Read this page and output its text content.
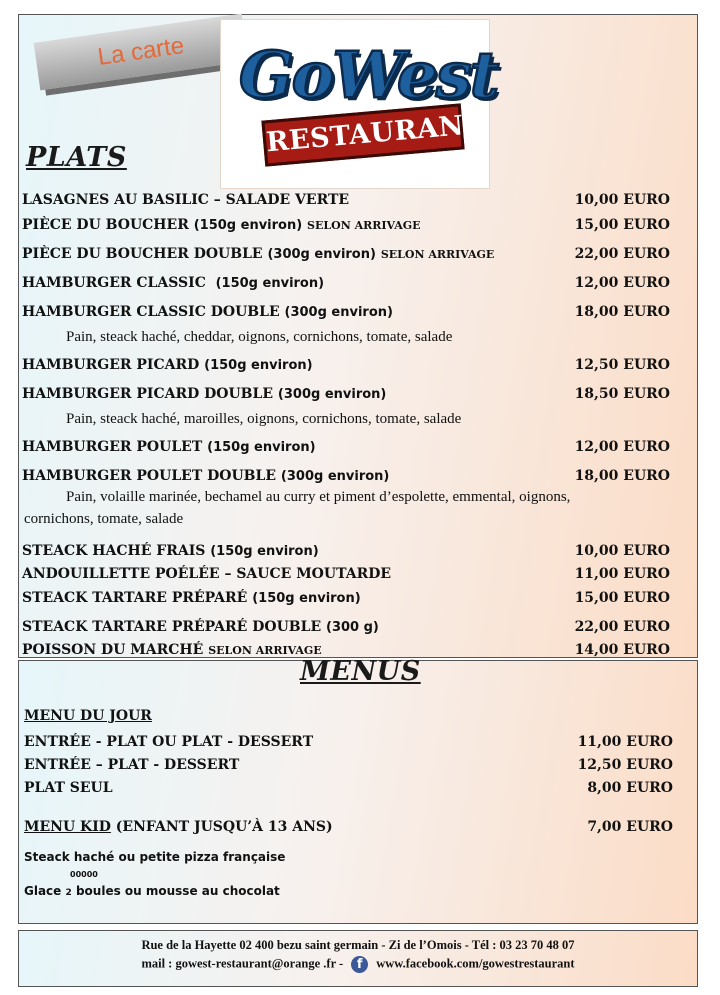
La carte GoWest
RESTAURANT
PLATS
LASAGNES AU BASILIC – SALADE VERTE	10,00 EURO
PIÈCE DU BOUCHER (150g environ) SELON ARRIVAGE	15,00 EURO
PIÈCE DU BOUCHER DOUBLE (300g environ) SELON ARRIVAGE	22,00 EURO
HAMBURGER CLASSIC (150g environ)	12,00 EURO
HAMBURGER CLASSIC DOUBLE (300g environ)	18,00 EURO
Pain, steack haché, cheddar, oignons, cornichons, tomate, salade
HAMBURGER PICARD (150g environ)	12,50 EURO
HAMBURGER PICARD DOUBLE (300g environ)	18,50 EURO
Pain, steack haché, maroilles, oignons, cornichons, tomate, salade
HAMBURGER POULET (150g environ)	12,00 EURO
HAMBURGER POULET DOUBLE (300g environ)	18,00 EURO
Pain, volaille marinée, bechamel au curry et piment d’espolette, emmental, oignons,
cornichons, tomate, salade
STEACK HACHÉ FRAIS (150g environ)	10,00 EURO
ANDOUILLETTE POÉLÉE – SAUCE MOUTARDE	11,00 EURO
STEACK TARTARE PRÉPARÉ (150g environ)	15,00 EURO
STEACK TARTARE PRÉPARÉ DOUBLE (300 g)	22,00 EURO
POISSON DU MARCHÉ SELON ARRIVAGE	14,00 EURO
MENUS
MENU DU JOUR
ENTRÉE - PLAT OU PLAT - DESSERT	11,00 EURO
ENTRÉE – PLAT - DESSERT	12,50 EURO
PLAT SEUL	8,00 EURO
MENU KID (ENFANT JUSQU’À 13 ANS)	7,00 EURO
Steack haché ou petite pizza française
00000
Glace 2 boules ou mousse au chocolat
Rue de la Hayette 02 400 bezu saint germain - Zi de l’Omois - Tél : 03 23 70 48 07
mail : gowest-restaurant@orange .fr - f www.facebook.com/gowestrestaurant
